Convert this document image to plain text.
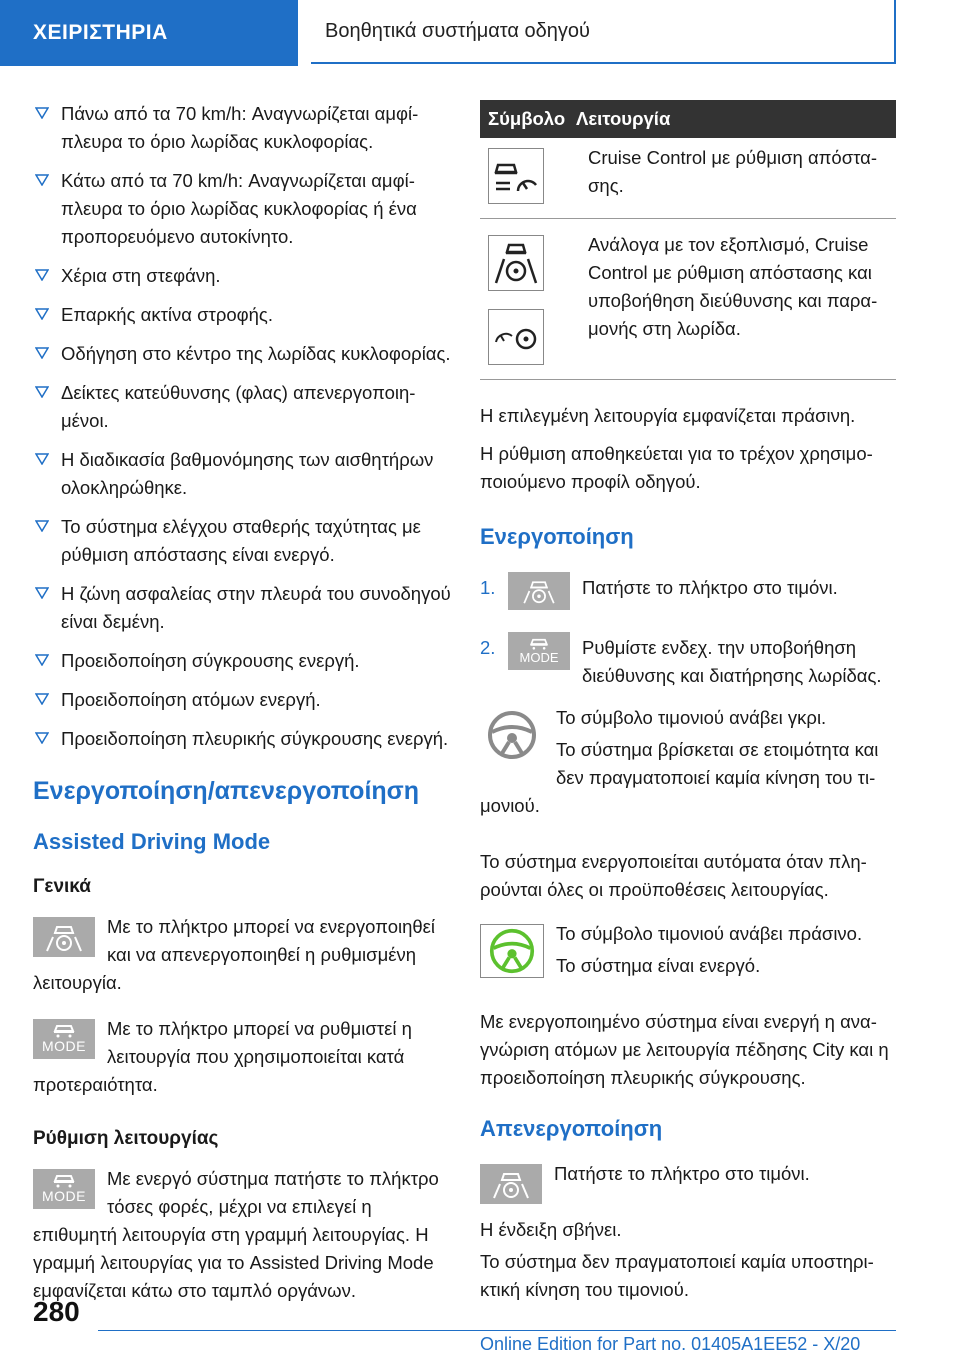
ΧΕΙΡΙΣΤΗΡΙΑ	Βοηθητικά συστήματα οδηγού
Πάνω από τα 70 km/h: Αναγνωρίζεται αμφίπλευρα το όριο λωρίδας κυκλοφορίας.
Κάτω από τα 70 km/h: Αναγνωρίζεται αμφίπλευρα το όριο λωρίδας κυκλοφορίας ή ένα προπορευόμενο αυτοκίνητο.
Χέρια στη στεφάνη.
Επαρκής ακτίνα στροφής.
Οδήγηση στο κέντρο της λωρίδας κυκλοφορίας.
Δείκτες κατεύθυνσης (φλας) απενεργοποιημένοι.
Η διαδικασία βαθμονόμησης των αισθητήρων ολοκληρώθηκε.
Το σύστημα ελέγχου σταθερής ταχύτητας με ρύθμιση απόστασης είναι ενεργό.
Η ζώνη ασφαλείας στην πλευρά του συνοδηγού είναι δεμένη.
Προειδοποίηση σύγκρουσης ενεργή.
Προειδοποίηση ατόμων ενεργή.
Προειδοποίηση πλευρικής σύγκρουσης ενεργή.
Ενεργοποίηση/απενεργοποίηση
Assisted Driving Mode
Γενικά
Με το πλήκτρο μπορεί να ενεργοποιηθεί και να απενεργοποιηθεί η ρυθμισμένη λειτουργία.
MODE
Με το πλήκτρο μπορεί να ρυθμιστεί η λειτουργία που χρησιμοποιείται κατά προτεραιότητα.
Ρύθμιση λειτουργίας
MODE
Με ενεργό σύστημα πατήστε το πλήκτρο τόσες φορές, μέχρι να επιλεγεί η επιθυμητή λειτουργία στη γραμμή λειτουργίας. Η γραμμή λειτουργίας για το Assisted Driving Mode εμφανίζεται κάτω στο ταμπλό οργάνων.
Σύμβολο Λειτουργία
Cruise Control με ρύθμιση απόστασης.
Ανάλογα με τον εξοπλισμό, Cruise Control με ρύθμιση απόστασης και υποβοήθηση διεύθυνσης και παραμονής στη λωρίδα.

Η επιλεγμένη λειτουργία εμφανίζεται πράσινη.

Η ρύθμιση αποθηκεύεται για το τρέχον χρησιμοποιούμενο προφίλ οδηγού.

Ενεργοποίηση
1.	Πατήστε το πλήκτρο στο τιμόνι.
2.	MODE	Ρυθμίστε ενδεχ. την υποβοήθηση διεύθυνσης και διατήρησης λωρίδας.

Το σύμβολο τιμονιού ανάβει γκρι.

Το σύστημα βρίσκεται σε ετοιμότητα και δεν πραγματοποιεί καμία κίνηση του τιμονιού.

Το σύστημα ενεργοποιείται αυτόματα όταν πληρούνται όλες οι προϋποθέσεις λειτουργίας.

Το σύμβολο τιμονιού ανάβει πράσινο.

Το σύστημα είναι ενεργό.

Με ενεργοποιημένο σύστημα είναι ενεργή η αναγνώριση ατόμων με λειτουργία πέδησης City και η προειδοποίηση πλευρικής σύγκρουσης.

Απενεργοποίηση
Πατήστε το πλήκτρο στο τιμόνι.

Η ένδειξη σβήνει.

Το σύστημα δεν πραγματοποιεί καμία υποστηρικτική κίνηση του τιμονιού.

280
Online Edition for Part no. 01405A1EE52 - X/20
